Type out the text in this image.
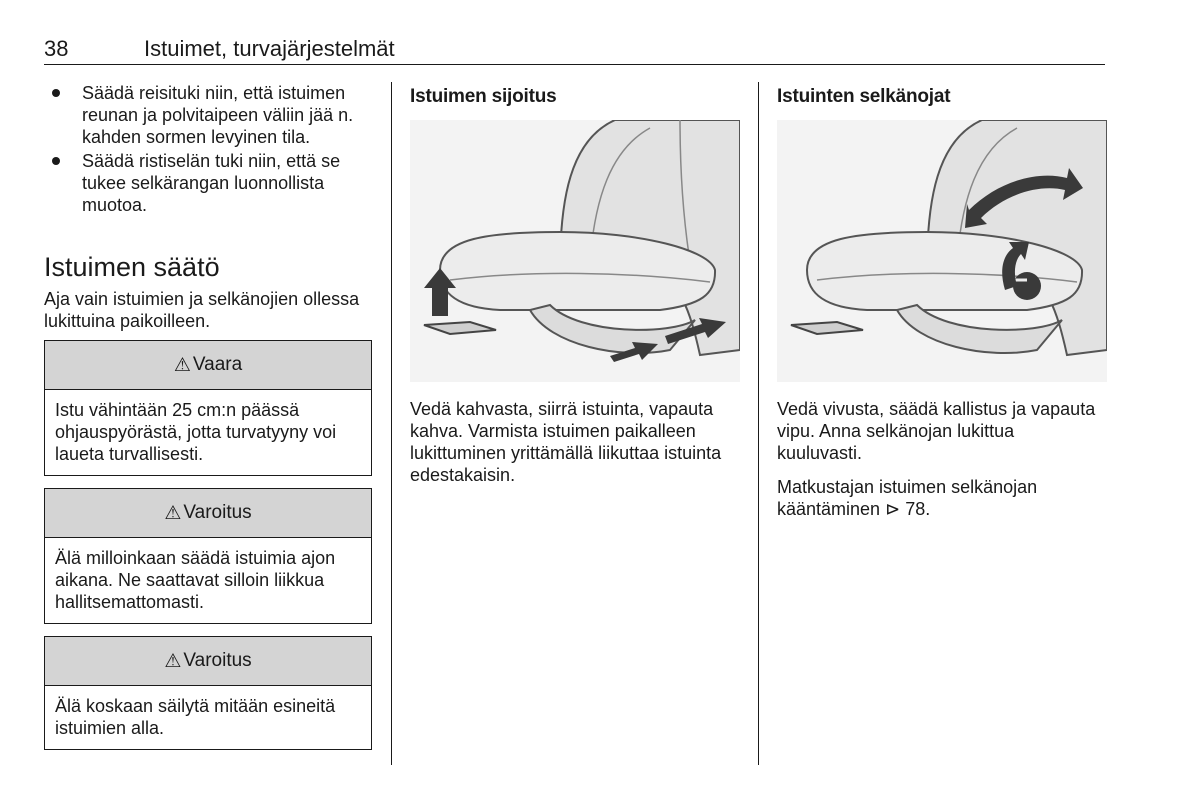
38	Istuimet, turvajärjestelmät
Säädä reisituki niin, että istuimen reunan ja polvitaipeen väliin jää n. kahden sormen levyinen tila.
Säädä ristiselän tuki niin, että se tukee selkärangan luonnollista muotoa.
Istuimen säätö

Aja vain istuimien ja selkänojien ollessa lukittuina paikoilleen.

⚠ Vaara
Istu vähintään 25 cm:n päässä ohjauspyörästä, jotta turvatyyny voi laueta turvallisesti.
⚠ Varoitus
Älä milloinkaan säädä istuimia ajon aikana. Ne saattavat silloin liikkua hallitsemattomasti.
⚠ Varoitus
Älä koskaan säilytä mitään esineitä istuimien alla.
Istuimen sijoitus

Vedä kahvasta, siirrä istuinta, vapauta kahva. Varmista istuimen paikalleen lukittuminen yrittämällä liikuttaa istuinta edestakaisin.

Istuinten selkänojat

Vedä vivusta, säädä kallistus ja vapauta vipu. Anna selkänojan lukittua kuuluvasti.

Matkustajan istuimen selkänojan kääntäminen ⊳ 78.
